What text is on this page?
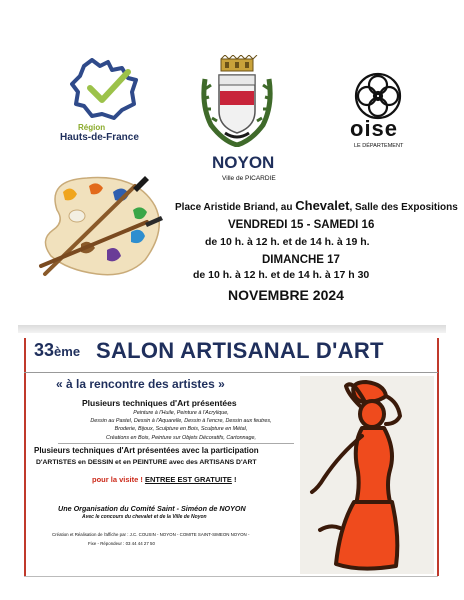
Région
Hauts-de-France
NOYON
Ville de PICARDIE
oise
LE DÉPARTEMENT
Place Aristide Briand, au Chevalet, Salle des Expositions
VENDREDI 15 - SAMEDI 16
de 10 h. à 12 h. et de 14 h. à 19 h.
DIMANCHE 17
de 10 h. à 12 h. et de 14 h. à 17 h 30
NOVEMBRE 2024
33ème SALON ARTISANAL D'ART
« à la rencontre des artistes »
Plusieurs techniques d'Art présentées
Peinture à l'Huile, Peinture à l'Acrylique,
Dessin au Pastel, Dessin à l'Aquarelle, Dessin à l'encre, Dessin aux feutres,
Broderie, Bijoux, Sculpture en Bois, Sculpture en Métal,
Créations en Bois, Peinture sur Objets Décoratifs, Cartonnage,
Plusieurs techniques d'Art présentées avec la participation
D'ARTISTES en DESSIN et en PEINTURE avec des ARTISANS D'ART
pour la visite ! ENTREE EST GRATUITE !
Une Organisation du Comité Saint - Siméon de NOYON
Avec le concours du chevalet et de la Ville de Noyon
Création et Réalisation de l'affiche par : J.C. COUSIN - NOYON - COMITE SAINT-SIMEON NOYON -
Fixe - Répondeur : 03 44 44 27 50
